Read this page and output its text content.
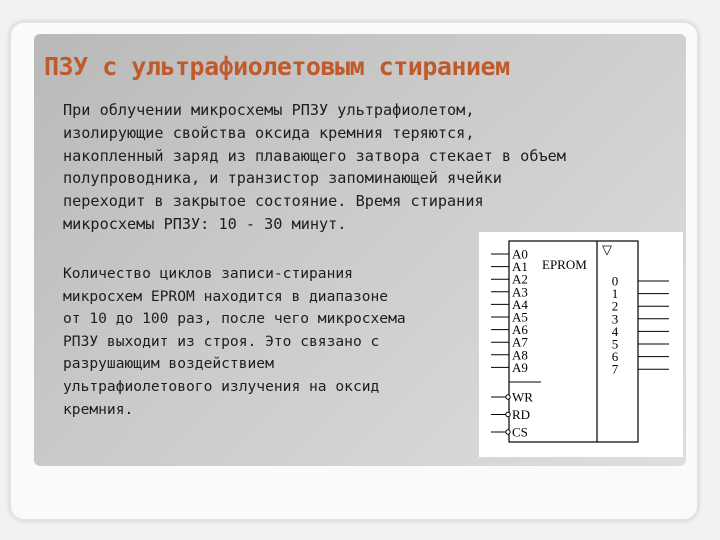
ПЗУ с ультрафиолетовым стиранием

При облучении микросхемы РПЗУ ультрафиолетом,
изолирующие свойства оксида кремния теряются,
накопленный заряд из плавающего затвора стекает в объем
полупроводника, и транзистор запоминающей ячейки
переходит в закрытое состояние. Время стирания
микросхемы РПЗУ: 10 - 30 минут.

Количество циклов записи-стирания
микросхем EPROM находится в диапазоне
от 10 до 100 раз, после чего микросхема
РПЗУ выходит из строя. Это связано с
разрушающим воздействием
ультрафиолетового излучения на оксид
кремния.

EPROM
▽
A0
A1
A2
A3
A4
A5
A6
A7
A8
A9
WR
RD
CS
0
1
2
3
4
5
6
7
